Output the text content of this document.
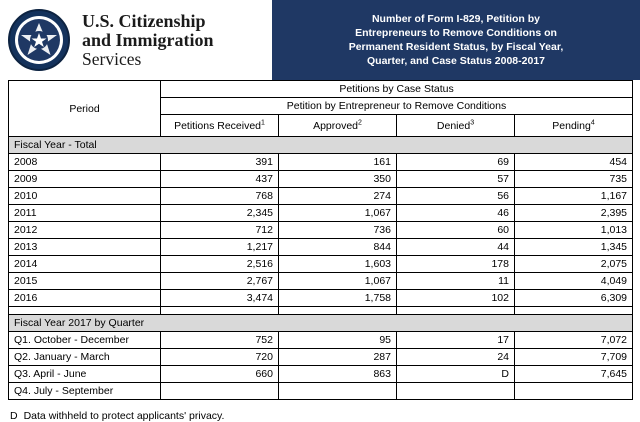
U.S. Citizenship
and Immigration
Services
Number of Form I-829, Petition by
Entrepreneurs to Remove Conditions on
Permanent Resident Status, by Fiscal Year,
Quarter, and Case Status 2008-2017
Period	Petitions by Case Status			
	Petition by Entrepreneur to Remove Conditions			
	Petitions Received$^1$	Approved$^2$	Denied$^3$	Pending$^4$
Fiscal Year - Total				
2008	391	161	69	454
2009	437	350	57	735
2010	768	274	56	1,167
2011	2,345	1,067	46	2,395
2012	712	736	60	1,013
2013	1,217	844	44	1,345
2014	2,516	1,603	178	2,075
2015	2,767	1,067	11	4,049
2016	3,474	1,758	102	6,309

Fiscal Year 2017 by Quarter				
Q1. October - December	752	95	17	7,072
Q2. January - March	720	287	24	7,709
Q3. April - June	660	863	D	7,645
Q4. July - September				
D Data withheld to protect applicants' privacy.
